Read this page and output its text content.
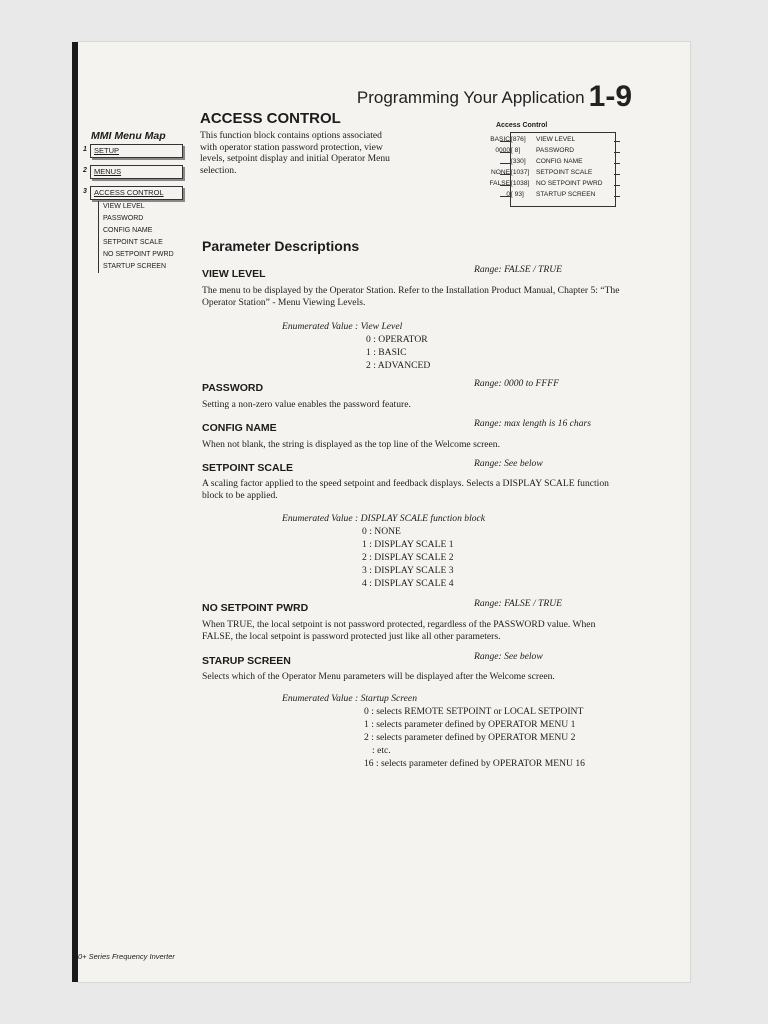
Programming Your Application 1-9
MMI Menu Map
1 SETUP
2 MENUS
3 ACCESS CONTROL
VIEW LEVEL
PASSWORD
CONFIG NAME
SETPOINT SCALE
NO SETPOINT PWRD
STARTUP SCREEN
ACCESS CONTROL
This function block contains options associated with operator station password protection, view levels, setpoint display and initial Operator Menu selection.
Access Control
BASIC [876] VIEW LEVEL
0000 [ 8] PASSWORD
[330] CONFIG NAME
NONE [1037] SETPOINT SCALE
FALSE [1038] NO SETPOINT PWRD
0 [ 93] STARTUP SCREEN
Parameter Descriptions
VIEW LEVEL	Range: FALSE / TRUE
The menu to be displayed by the Operator Station. Refer to the Installation Product Manual, Chapter 5: “The Operator Station” - Menu Viewing Levels.
Enumerated Value : View Level
0 : OPERATOR
1 : BASIC
2 : ADVANCED
PASSWORD	Range: 0000 to FFFF
Setting a non-zero value enables the password feature.
CONFIG NAME	Range: max length is 16 chars
When not blank, the string is displayed as the top line of the Welcome screen.
SETPOINT SCALE	Range: See below
A scaling factor applied to the speed setpoint and feedback displays. Selects a DISPLAY SCALE function block to be applied.
Enumerated Value : DISPLAY SCALE function block
0 : NONE
1 : DISPLAY SCALE 1
2 : DISPLAY SCALE 2
3 : DISPLAY SCALE 3
4 : DISPLAY SCALE 4
NO SETPOINT PWRD	Range: FALSE / TRUE
When TRUE, the local setpoint is not password protected, regardless of the PASSWORD value. When FALSE, the local setpoint is password protected just like all other parameters.
STARUP SCREEN	Range: See below
Selects which of the Operator Menu parameters will be displayed after the Welcome screen.
Enumerated Value : Startup Screen
0 : selects REMOTE SETPOINT or LOCAL SETPOINT
1 : selects parameter defined by OPERATOR MENU 1
2 : selects parameter defined by OPERATOR MENU 2
: etc.
16 : selects parameter defined by OPERATOR MENU 16
0+ Series Frequency Inverter
